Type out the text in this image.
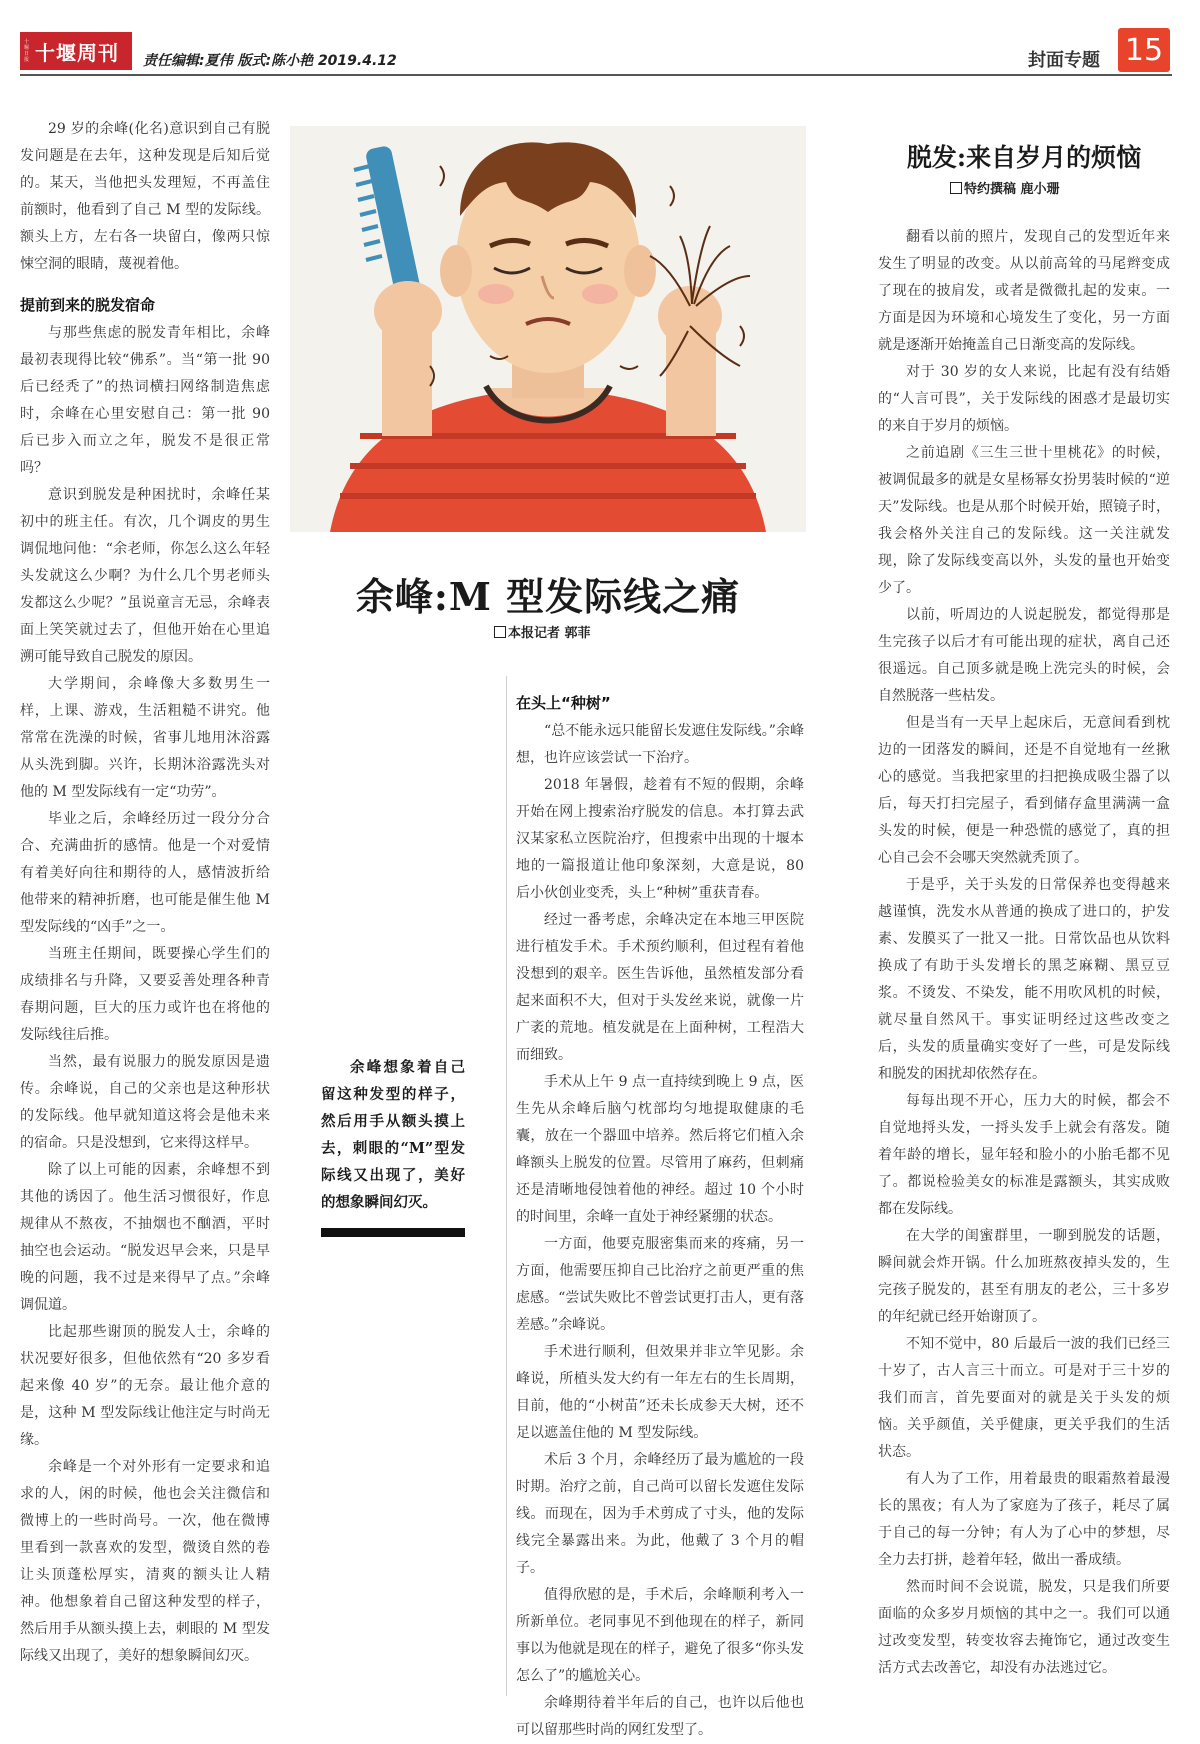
十堰日报 十堰周刊 责任编辑:夏伟 版式:陈小艳 2019.4.12	封面专题 15

29 岁的余峰(化名)意识到自己有脱发问题是在去年，这种发现是后知后觉的。某天，当他把头发理短，不再盖住前额时，他看到了自己 M 型的发际线。额头上方，左右各一块留白，像两只惊悚空洞的眼睛，蔑视着他。

提前到来的脱发宿命

与那些焦虑的脱发青年相比，余峰最初表现得比较“佛系”。当“第一批 90 后已经秃了”的热词横扫网络制造焦虑时，余峰在心里安慰自己：第一批 90 后已步入而立之年，脱发不是很正常吗？

意识到脱发是种困扰时，余峰任某初中的班主任。有次，几个调皮的男生调侃地问他：“余老师，你怎么这么年轻头发就这么少啊？为什么几个男老师头发都这么少呢？”虽说童言无忌，余峰表面上笑笑就过去了，但他开始在心里追溯可能导致自己脱发的原因。

大学期间，余峰像大多数男生一样，上课、游戏，生活粗糙不讲究。他常常在洗澡的时候，省事儿地用沐浴露从头洗到脚。兴许，长期沐浴露洗头对他的 M 型发际线有一定“功劳”。

毕业之后，余峰经历过一段分分合合、充满曲折的感情。他是一个对爱情有着美好向往和期待的人，感情波折给他带来的精神折磨，也可能是催生他 M 型发际线的“凶手”之一。

当班主任期间，既要操心学生们的成绩排名与升降，又要妥善处理各种青春期问题，巨大的压力或许也在将他的发际线往后推。

当然，最有说服力的脱发原因是遗传。余峰说，自己的父亲也是这种形状的发际线。他早就知道这将会是他未来的宿命。只是没想到，它来得这样早。

除了以上可能的因素，余峰想不到其他的诱因了。他生活习惯很好，作息规律从不熬夜，不抽烟也不酗酒，平时抽空也会运动。“脱发迟早会来，只是早晚的问题，我不过是来得早了点。”余峰调侃道。

比起那些谢顶的脱发人士，余峰的状况要好很多，但他依然有“20 多岁看起来像 40 岁”的无奈。最让他介意的是，这种 M 型发际线让他注定与时尚无缘。

余峰是一个对外形有一定要求和追求的人，闲的时候，他也会关注微信和微博上的一些时尚号。一次，他在微博里看到一款喜欢的发型，微烫自然的卷让头顶蓬松厚实，清爽的额头让人精神。他想象着自己留这种发型的样子，然后用手从额头摸上去，刺眼的 M 型发际线又出现了，美好的想象瞬间幻灭。

余峰:M 型发际线之痛
本报记者 郭菲
余峰想象着自己留这种发型的样子，然后用手从额头摸上去，刺眼的“M”型发际线又出现了，美好的想象瞬间幻灭。
在头上“种树”

“总不能永远只能留长发遮住发际线。”余峰想，也许应该尝试一下治疗。

2018 年暑假，趁着有不短的假期，余峰开始在网上搜索治疗脱发的信息。本打算去武汉某家私立医院治疗，但搜索中出现的十堰本地的一篇报道让他印象深刻，大意是说，80 后小伙创业变秃，头上“种树”重获青春。

经过一番考虑，余峰决定在本地三甲医院进行植发手术。手术预约顺利，但过程有着他没想到的艰辛。医生告诉他，虽然植发部分看起来面积不大，但对于头发丝来说，就像一片广袤的荒地。植发就是在上面种树，工程浩大而细致。

手术从上午 9 点一直持续到晚上 9 点，医生先从余峰后脑勺枕部均匀地提取健康的毛囊，放在一个器皿中培养。然后将它们植入余峰额头上脱发的位置。尽管用了麻药，但刺痛还是清晰地侵蚀着他的神经。超过 10 个小时的时间里，余峰一直处于神经紧绷的状态。

一方面，他要克服密集而来的疼痛，另一方面，他需要压抑自己比治疗之前更严重的焦虑感。“尝试失败比不曾尝试更打击人，更有落差感。”余峰说。

手术进行顺利，但效果并非立竿见影。余峰说，所植头发大约有一年左右的生长周期，目前，他的“小树苗”还未长成参天大树，还不足以遮盖住他的 M 型发际线。

术后 3 个月，余峰经历了最为尴尬的一段时期。治疗之前，自己尚可以留长发遮住发际线。而现在，因为手术剪成了寸头，他的发际线完全暴露出来。为此，他戴了 3 个月的帽子。

值得欣慰的是，手术后，余峰顺利考入一所新单位。老同事见不到他现在的样子，新同事以为他就是现在的样子，避免了很多“你头发怎么了”的尴尬关心。

余峰期待着半年后的自己，也许以后他也可以留那些时尚的网红发型了。

脱发:来自岁月的烦恼
特约撰稿 鹿小珊

翻看以前的照片，发现自己的发型近年来发生了明显的改变。从以前高耸的马尾辫变成了现在的披肩发，或者是微微扎起的发束。一方面是因为环境和心境发生了变化，另一方面就是逐渐开始掩盖自己日渐变高的发际线。

对于 30 岁的女人来说，比起有没有结婚的“人言可畏”，关于发际线的困惑才是最切实的来自于岁月的烦恼。

之前追剧《三生三世十里桃花》的时候，被调侃最多的就是女星杨幂女扮男装时候的“逆天”发际线。也是从那个时候开始，照镜子时，我会格外关注自己的发际线。这一关注就发现，除了发际线变高以外，头发的量也开始变少了。

以前，听周边的人说起脱发，都觉得那是生完孩子以后才有可能出现的症状，离自己还很遥远。自己顶多就是晚上洗完头的时候，会自然脱落一些枯发。

但是当有一天早上起床后，无意间看到枕边的一团落发的瞬间，还是不自觉地有一丝揪心的感觉。当我把家里的扫把换成吸尘器了以后，每天打扫完屋子，看到储存盒里满满一盒头发的时候，便是一种恐慌的感觉了，真的担心自己会不会哪天突然就秃顶了。

于是乎，关于头发的日常保养也变得越来越谨慎，洗发水从普通的换成了进口的，护发素、发膜买了一批又一批。日常饮品也从饮料换成了有助于头发增长的黑芝麻糊、黑豆豆浆。不烫发、不染发，能不用吹风机的时候，就尽量自然风干。事实证明经过这些改变之后，头发的质量确实变好了一些，可是发际线和脱发的困扰却依然存在。

每每出现不开心，压力大的时候，都会不自觉地捋头发，一捋头发手上就会有落发。随着年龄的增长，显年轻和脸小的小胎毛都不见了。都说检验美女的标准是露额头，其实成败都在发际线。

在大学的闺蜜群里，一聊到脱发的话题，瞬间就会炸开锅。什么加班熬夜掉头发的，生完孩子脱发的，甚至有朋友的老公，三十多岁的年纪就已经开始谢顶了。

不知不觉中，80 后最后一波的我们已经三十岁了，古人言三十而立。可是对于三十岁的我们而言，首先要面对的就是关于头发的烦恼。关乎颜值，关乎健康，更关乎我们的生活状态。

有人为了工作，用着最贵的眼霜熬着最漫长的黑夜；有人为了家庭为了孩子，耗尽了属于自己的每一分钟；有人为了心中的梦想，尽全力去打拼，趁着年轻，做出一番成绩。

然而时间不会说谎，脱发，只是我们所要面临的众多岁月烦恼的其中之一。我们可以通过改变发型，转变妆容去掩饰它，通过改变生活方式去改善它，却没有办法逃过它。
